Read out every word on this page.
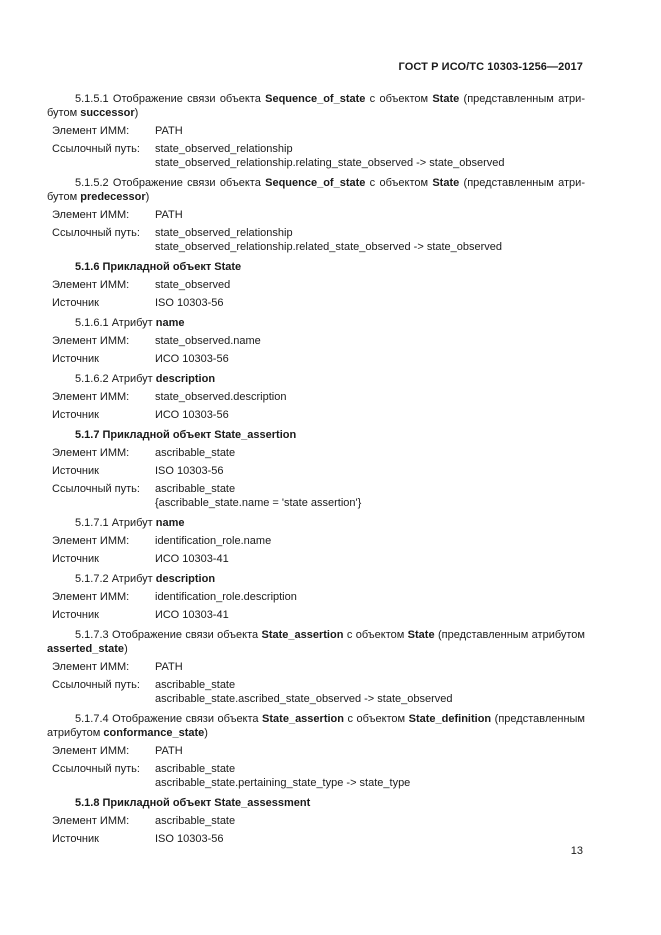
ГОСТ Р ИСО/ТС 10303-1256—2017

5.1.5.1 Отображение связи объекта Sequence_of_state с объектом State (представленным атри-бутом successor)

Элемент ИММ:	PATH
Ссылочный путь:	state_observed_relationship
state_observed_relationship.relating_state_observed -> state_observed

5.1.5.2 Отображение связи объекта Sequence_of_state с объектом State (представленным атри-бутом predecessor)

Элемент ИММ:	PATH
Ссылочный путь:	state_observed_relationship
state_observed_relationship.related_state_observed -> state_observed

5.1.6 Прикладной объект State

Элемент ИММ:	state_observed
Источник	ISO 10303-56

5.1.6.1 Атрибут name

Элемент ИММ:	state_observed.name
Источник	ИСО 10303-56

5.1.6.2 Атрибут description

Элемент ИММ:	state_observed.description
Источник	ИСО 10303-56

5.1.7 Прикладной объект State_assertion

Элемент ИММ:	ascribable_state
Источник	ISO 10303-56
Ссылочный путь:	ascribable_state
{ascribable_state.name = 'state assertion'}

5.1.7.1 Атрибут name

Элемент ИММ:	identification_role.name
Источник	ИСО 10303-41

5.1.7.2 Атрибут description

Элемент ИММ:	identification_role.description
Источник	ИСО 10303-41

5.1.7.3 Отображение связи объекта State_assertion с объектом State (представленным атрибутом asserted_state)

Элемент ИММ:	PATH
Ссылочный путь:	ascribable_state
ascribable_state.ascribed_state_observed -> state_observed

5.1.7.4 Отображение связи объекта State_assertion с объектом State_definition (представленным атрибутом conformance_state)

Элемент ИММ:	PATH
Ссылочный путь:	ascribable_state
ascribable_state.pertaining_state_type -> state_type

5.1.8 Прикладной объект State_assessment

Элемент ИММ:	ascribable_state
Источник	ISO 10303-56
13
